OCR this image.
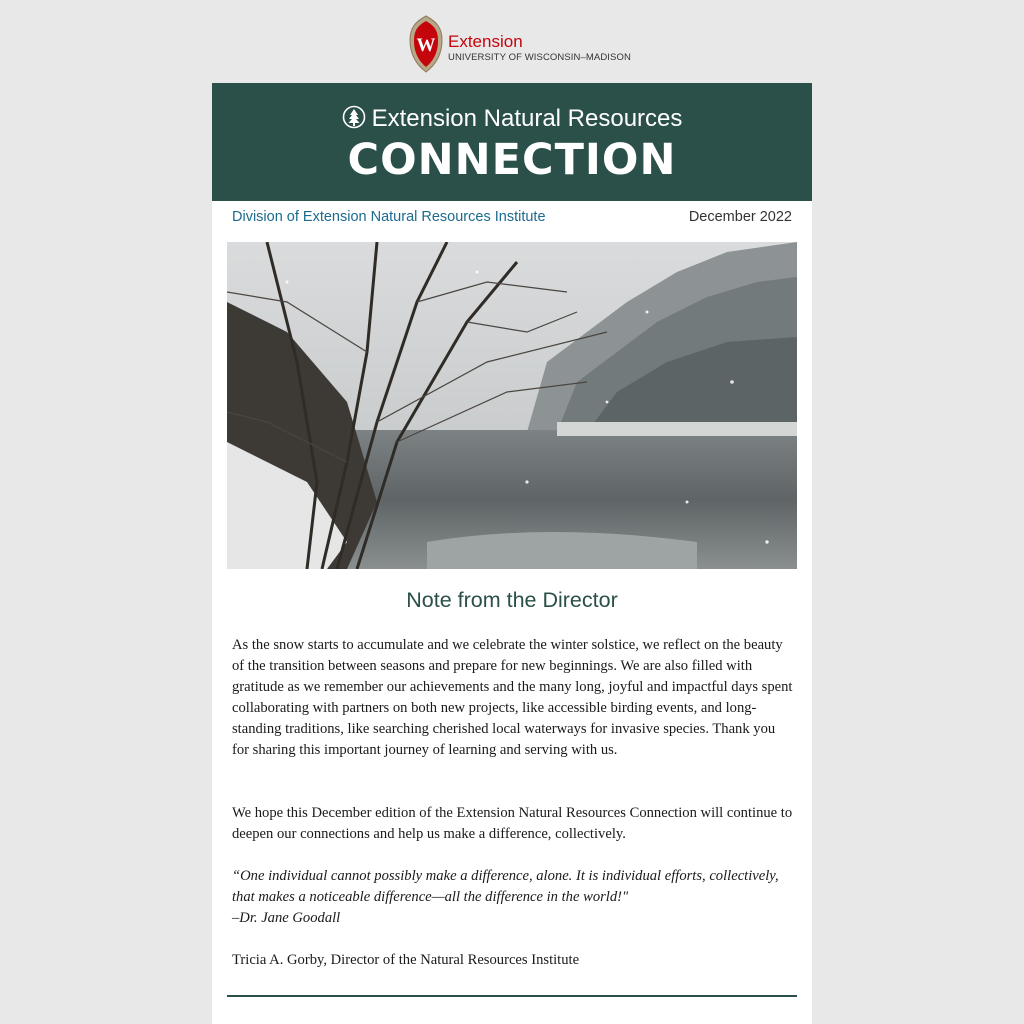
W Extension
UNIVERSITY OF WISCONSIN–MADISON
Extension Natural Resources
CONNECTION
Division of Extension Natural Resources Institute	December 2022
Note from the Director
As the snow starts to accumulate and we celebrate the winter solstice, we reflect on the beauty of the transition between seasons and prepare for new beginnings. We are also filled with gratitude as we remember our achievements and the many long, joyful and impactful days spent collaborating with partners on both new projects, like accessible birding events, and long-standing traditions, like searching cherished local waterways for invasive species. Thank you for sharing this important journey of learning and serving with us.
We hope this December edition of the Extension Natural Resources Connection will continue to deepen our connections and help us make a difference, collectively.
“One individual cannot possibly make a difference, alone. It is individual efforts, collectively, that makes a noticeable difference—all the difference in the world!"
–Dr. Jane Goodall
Tricia A. Gorby, Director of the Natural Resources Institute
